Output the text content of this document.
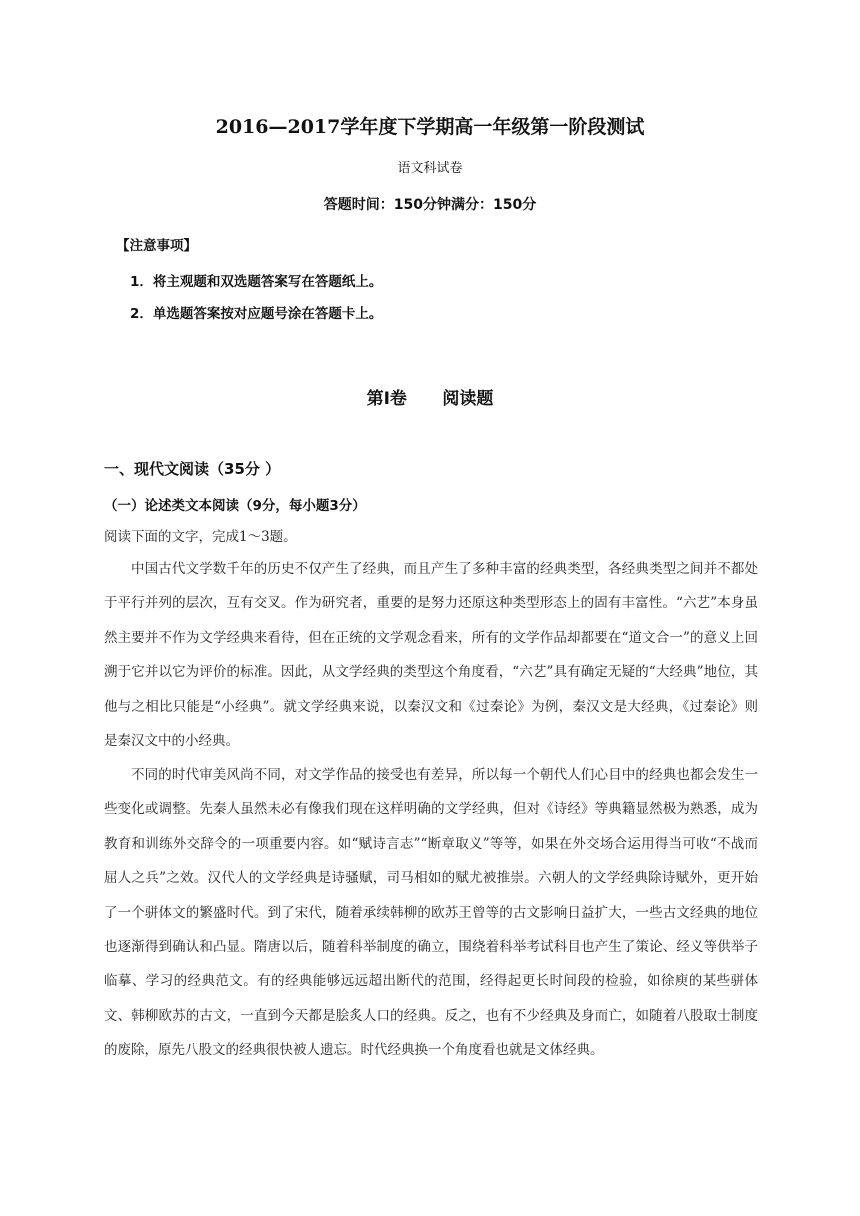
2016—2017学年度下学期高一年级第一阶段测试
语文科试卷
答题时间：150分钟满分：150分
【注意事项】
1．将主观题和双选题答案写在答题纸上。
2．单选题答案按对应题号涂在答题卡上。
第Ⅰ卷 阅读题
一、现代文阅读（35分 ）
（一）论述类文本阅读（9分，每小题3分）
阅读下面的文字，完成1～3题。

中国古代文学数千年的历史不仅产生了经典，而且产生了多种丰富的经典类型，各经典类型之间并不都处于平行并列的层次，互有交叉。作为研究者，重要的是努力还原这种类型形态上的固有丰富性。“六艺”本身虽然主要并不作为文学经典来看待，但在正统的文学观念看来，所有的文学作品却都要在“道文合一”的意义上回溯于它并以它为评价的标准。因此，从文学经典的类型这个角度看，“六艺”具有确定无疑的“大经典”地位，其他与之相比只能是“小经典”。就文学经典来说，以秦汉文和《过秦论》为例，秦汉文是大经典，《过秦论》则是秦汉文中的小经典。

不同的时代审美风尚不同，对文学作品的接受也有差异，所以每一个朝代人们心目中的经典也都会发生一些变化或调整。先秦人虽然未必有像我们现在这样明确的文学经典，但对《诗经》等典籍显然极为熟悉，成为教育和训练外交辞令的一项重要内容。如“赋诗言志”“断章取义”等等，如果在外交场合运用得当可收“不战而屈人之兵”之效。汉代人的文学经典是诗骚赋，司马相如的赋尤被推崇。六朝人的文学经典除诗赋外，更开始了一个骈体文的繁盛时代。到了宋代，随着承续韩柳的欧苏王曾等的古文影响日益扩大，一些古文经典的地位也逐渐得到确认和凸显。隋唐以后，随着科举制度的确立，围绕着科举考试科目也产生了策论、经义等供举子临摹、学习的经典范文。有的经典能够远远超出断代的范围，经得起更长时间段的检验，如徐庾的某些骈体文、韩柳欧苏的古文，一直到今天都是脍炙人口的经典。反之，也有不少经典及身而亡，如随着八股取士制度的废除，原先八股文的经典很快被人遗忘。时代经典换一个角度看也就是文体经典。
